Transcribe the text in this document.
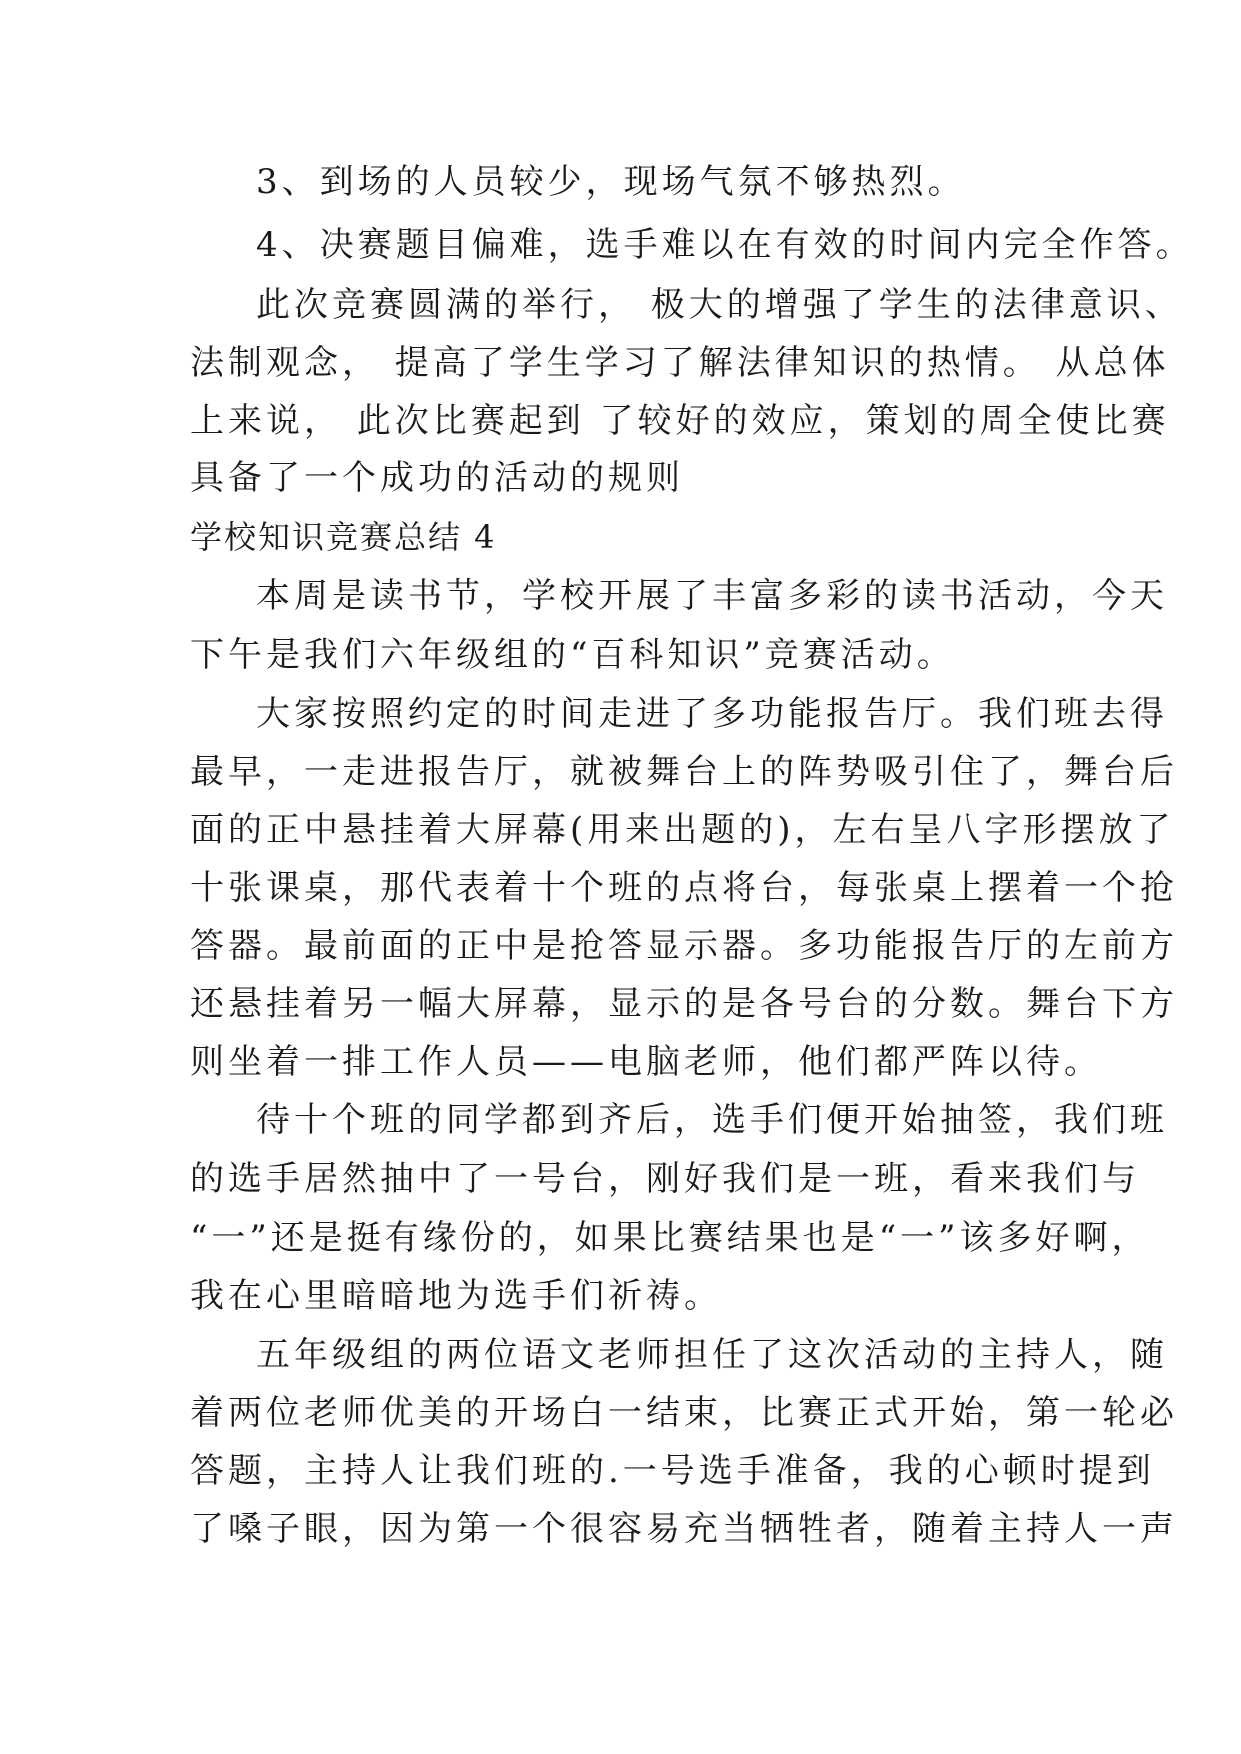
3、到场的人员较少，现场气氛不够热烈。
4、决赛题目偏难，选手难以在有效的时间内完全作答。
此次竞赛圆满的举行， 极大的增强了学生的法律意识、
法制观念， 提高了学生学习了解法律知识的热情。 从总体
上来说， 此次比赛起到 了较好的效应，策划的周全使比赛
具备了一个成功的活动的规则
学校知识竞赛总结 4
本周是读书节，学校开展了丰富多彩的读书活动，今天
下午是我们六年级组的“百科知识”竞赛活动。
大家按照约定的时间走进了多功能报告厅。我们班去得
最早，一走进报告厅，就被舞台上的阵势吸引住了，舞台后
面的正中悬挂着大屏幕(用来出题的)，左右呈八字形摆放了
十张课桌，那代表着十个班的点将台，每张桌上摆着一个抢
答器。最前面的正中是抢答显示器。多功能报告厅的左前方
还悬挂着另一幅大屏幕，显示的是各号台的分数。舞台下方
则坐着一排工作人员——电脑老师，他们都严阵以待。
待十个班的同学都到齐后，选手们便开始抽签，我们班
的选手居然抽中了一号台，刚好我们是一班，看来我们与
“一”还是挺有缘份的，如果比赛结果也是“一”该多好啊，
我在心里暗暗地为选手们祈祷。
五年级组的两位语文老师担任了这次活动的主持人，随
着两位老师优美的开场白一结束，比赛正式开始，第一轮必
答题，主持人让我们班的.一号选手准备，我的心顿时提到
了嗓子眼，因为第一个很容易充当牺牲者，随着主持人一声
